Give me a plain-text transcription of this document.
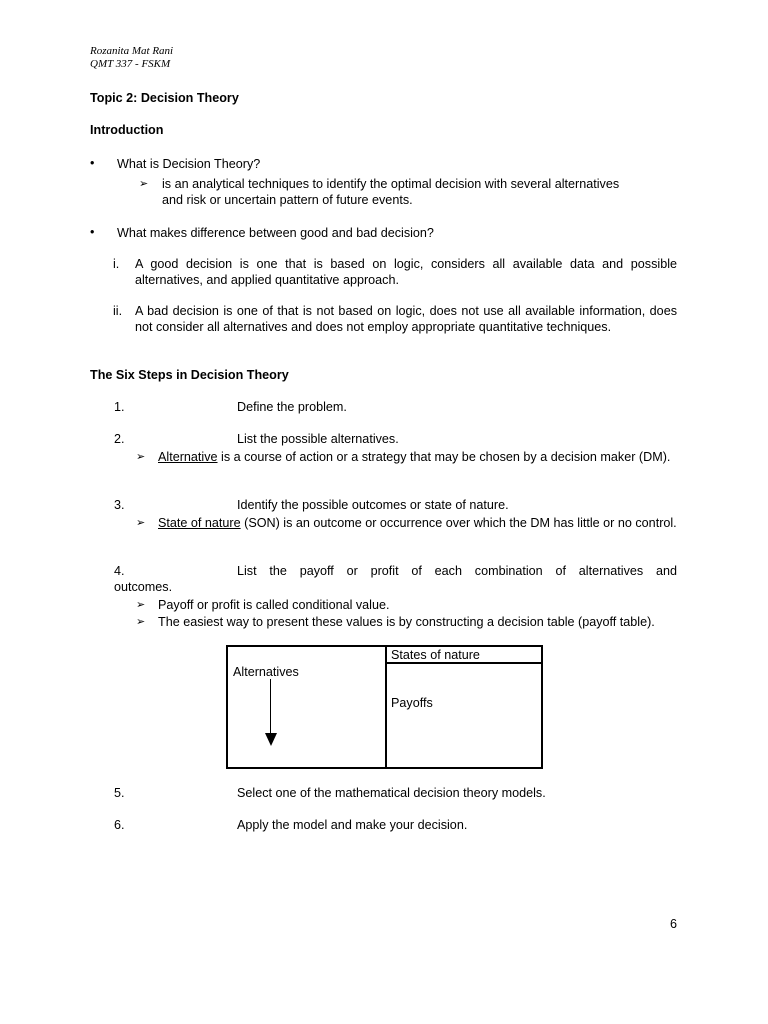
Rozanita Mat Rani
QMT 337 - FSKM
Topic 2: Decision Theory
Introduction
• What is Decision Theory?
➢ is an analytical techniques to identify the optimal decision with several alternatives
and risk or uncertain pattern of future events.
• What makes difference between good and bad decision?
i. A good decision is one that is based on logic, considers all available data and possible alternatives, and applied quantitative approach.
ii. A bad decision is one of that is not based on logic, does not use all available information, does not consider all alternatives and does not employ appropriate quantitative techniques.
The Six Steps in Decision Theory
1.	Define the problem.
2.	List the possible alternatives.
➢ Alternative is a course of action or a strategy that may be chosen by a decision maker (DM).
3.	Identify the possible outcomes or state of nature.
➢ State of nature (SON) is an outcome or occurrence over which the DM has little or no control.
4.	List the payoff or profit of each combination of alternatives and
outcomes.
➢ Payoff or profit is called conditional value.
➢ The easiest way to present these values is by constructing a decision table (payoff table).
States of nature
Alternatives
Payoffs
5.	Select one of the mathematical decision theory models.
6.	Apply the model and make your decision.
6
